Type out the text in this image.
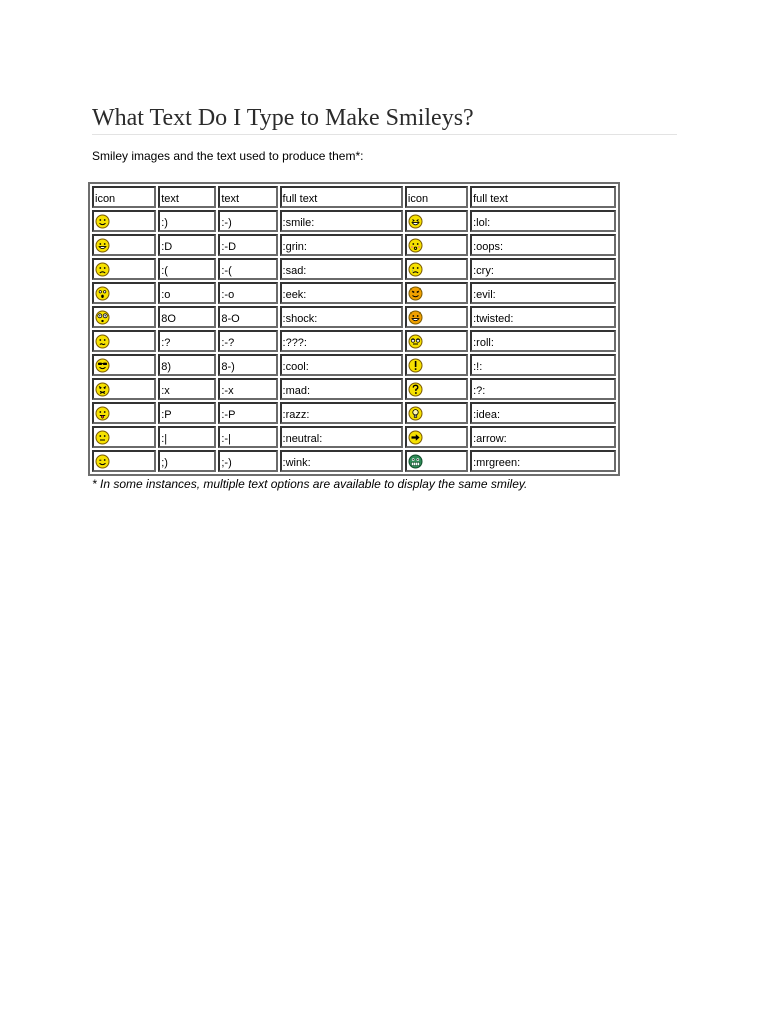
What Text Do I Type to Make Smileys?

Smiley images and the text used to produce them*:

icon	text	text	full text	icon	full text

	:)	:-)	:smile:		:lol:

	:D	:-D	:grin:		:oops:

	:(	:-(	:sad:		:cry:

	:o	:-o	:eek:		:evil:

	8O	8-O	:shock:		:twisted:

	:?	:-?	:???:		:roll:

	8)	8-)	:cool:		:!:

	:x	:-x	:mad:		:?:

	:P	:-P	:razz:		:idea:

	:|	:-|	:neutral:		:arrow:

	;)	;-)	:wink:		:mrgreen:

* In some instances, multiple text options are available to display the same smiley.
